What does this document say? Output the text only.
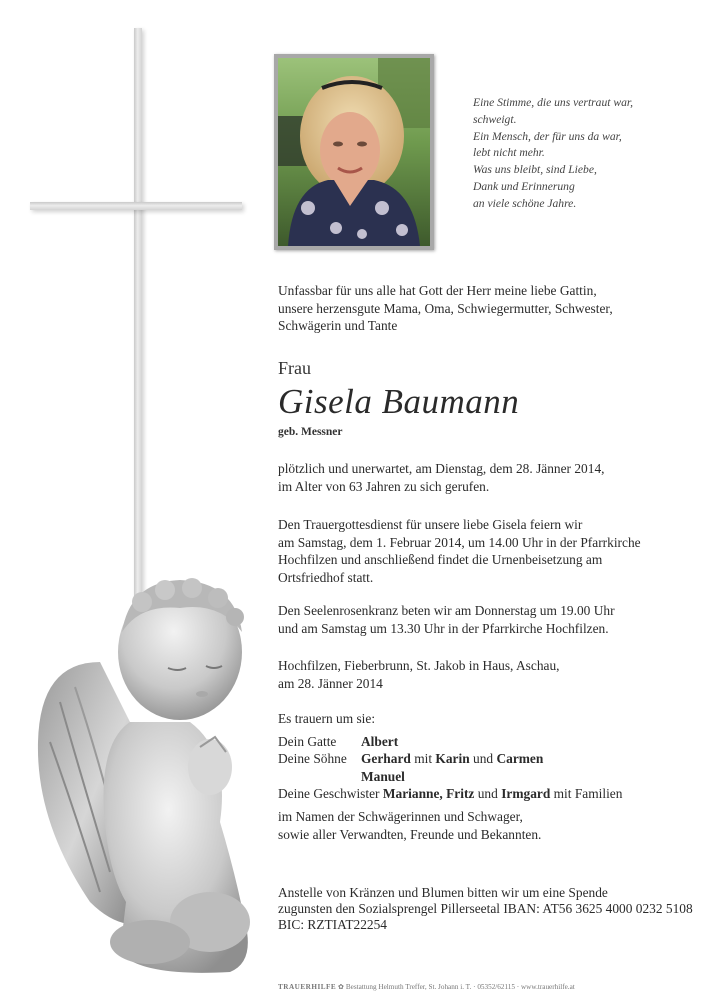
Eine Stimme, die uns vertraut war,
schweigt.
Ein Mensch, der für uns da war,
lebt nicht mehr.
Was uns bleibt, sind Liebe,
Dank und Erinnerung
an viele schöne Jahre.
Unfassbar für uns alle hat Gott der Herr meine liebe Gattin,
unsere herzensgute Mama, Oma, Schwiegermutter, Schwester,
Schwägerin und Tante
Frau
Gisela Baumann
geb. Messner
plötzlich und unerwartet, am Dienstag, dem 28. Jänner 2014,
im Alter von 63 Jahren zu sich gerufen.
Den Trauergottesdienst für unsere liebe Gisela feiern wir
am Samstag, dem 1. Februar 2014, um 14.00 Uhr in der Pfarrkirche
Hochfilzen und anschließend findet die Urnenbeisetzung am
Ortsfriedhof statt.
Den Seelenrosenkranz beten wir am Donnerstag um 19.00 Uhr
und am Samstag um 13.30 Uhr in der Pfarrkirche Hochfilzen.
Hochfilzen, Fieberbrunn, St. Jakob in Haus, Aschau,
am 28. Jänner 2014
Es trauern um sie:
Dein Gatte Albert
Deine Söhne Gerhard mit Karin und Carmen
Manuel
Deine Geschwister Marianne, Fritz und Irmgard mit Familien
im Namen der Schwägerinnen und Schwager,
sowie aller Verwandten, Freunde und Bekannten.
Anstelle von Kränzen und Blumen bitten wir um eine Spende
zugunsten den Sozialsprengel Pillerseetal IBAN: AT56 3625 4000 0232 5108
BIC: RZTIAT22254
TRAUERHILFE ✿ Bestattung Helmuth Treffer, St. Johann i. T. · 05352/62115 · www.trauerhilfe.at
